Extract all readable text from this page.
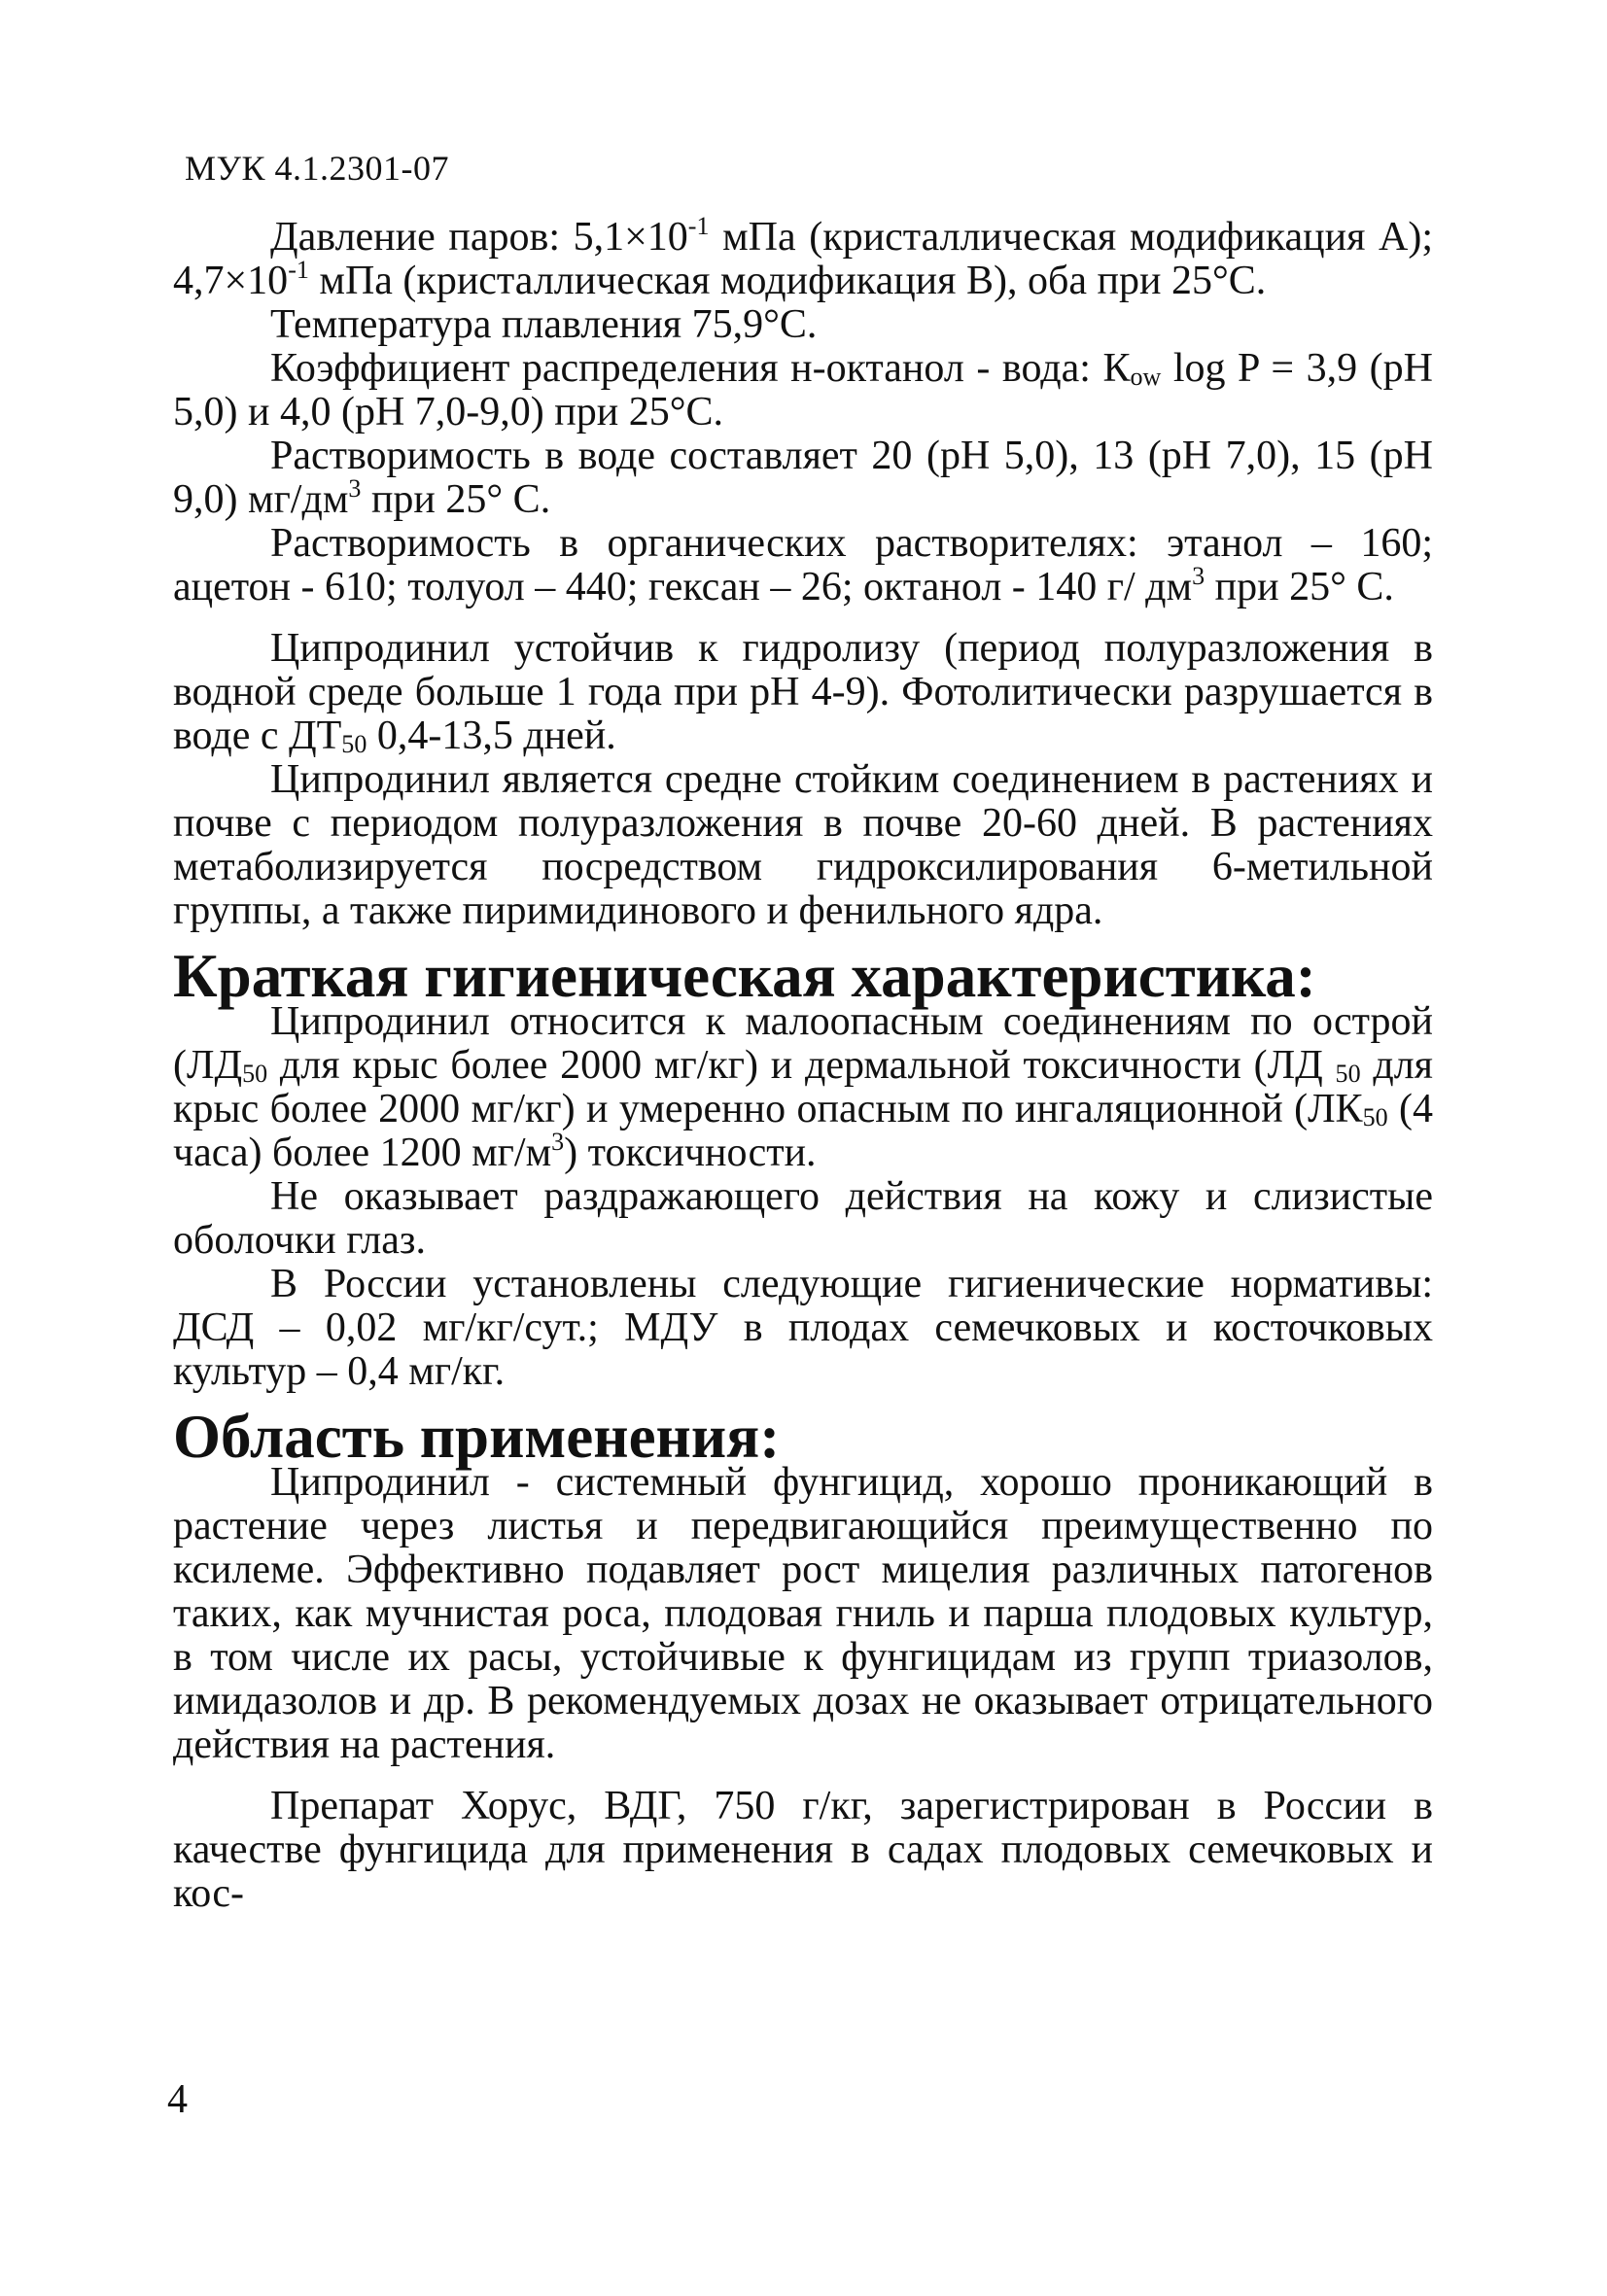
МУК 4.1.2301-07

Давление паров: $5,1\times 10^{-1}$ мПа (кристаллическая модификация А); $4,7\times 10^{-1}$ мПа (кристаллическая модификация В), оба при 25°С.

Температура плавления 75,9°С.

Коэффициент распределения н-октанол - вода: $К_{ow}$ log P = 3,9 (pH 5,0) и 4,0 (pH 7,0-9,0) при 25°С.

Растворимость в воде составляет 20 (pH 5,0), 13 (pH 7,0), 15 (pH 9,0) $мг/дм^3$ при 25° С.

Растворимость в органических растворителях: этанол – 160; ацетон - 610; толуол – 440; гексан – 26; октанол - 140 г/ $дм^3$ при 25° С.

Ципродинил устойчив к гидролизу (период полуразложения в водной среде больше 1 года при pH 4-9). Фотолитически разрушается в воде с $ДТ_{50}$ 0,4-13,5 дней.

Ципродинил является средне стойким соединением в растениях и почве с периодом полуразложения в почве 20-60 дней. В растениях метаболизируется посредством гидроксилирования 6-метильной группы, а также пиримидинового и фенильного ядра.

Краткая гигиеническая характеристика:

Ципродинил относится к малоопасным соединениям по острой ($ЛД_{50}$ для крыс более 2000 мг/кг) и дермальной токсичности (ЛД $_{50}$ для крыс более 2000 мг/кг) и умеренно опасным по ингаляционной ($ЛК_{50}$ (4 часа) более 1200 $мг/м^3$) токсичности.

Не оказывает раздражающего действия на кожу и слизистые оболочки глаз.

В России установлены следующие гигиенические нормативы: ДСД – 0,02 мг/кг/сут.; МДУ в плодах семечковых и косточковых культур – 0,4 мг/кг.

Область применения:

Ципродинил - системный фунгицид, хорошо проникающий в растение через листья и передвигающийся преимущественно по ксилеме. Эффективно подавляет рост мицелия различных патогенов таких, как мучнистая роса, плодовая гниль и парша плодовых культур, в том числе их расы, устойчивые к фунгицидам из групп триазолов, имидазолов и др. В рекомендуемых дозах не оказывает отрицательного действия на растения.

Препарат Хорус, ВДГ, 750 г/кг, зарегистрирован в России в качестве фунгицида для применения в садах плодовых семечковых и кос-

4
